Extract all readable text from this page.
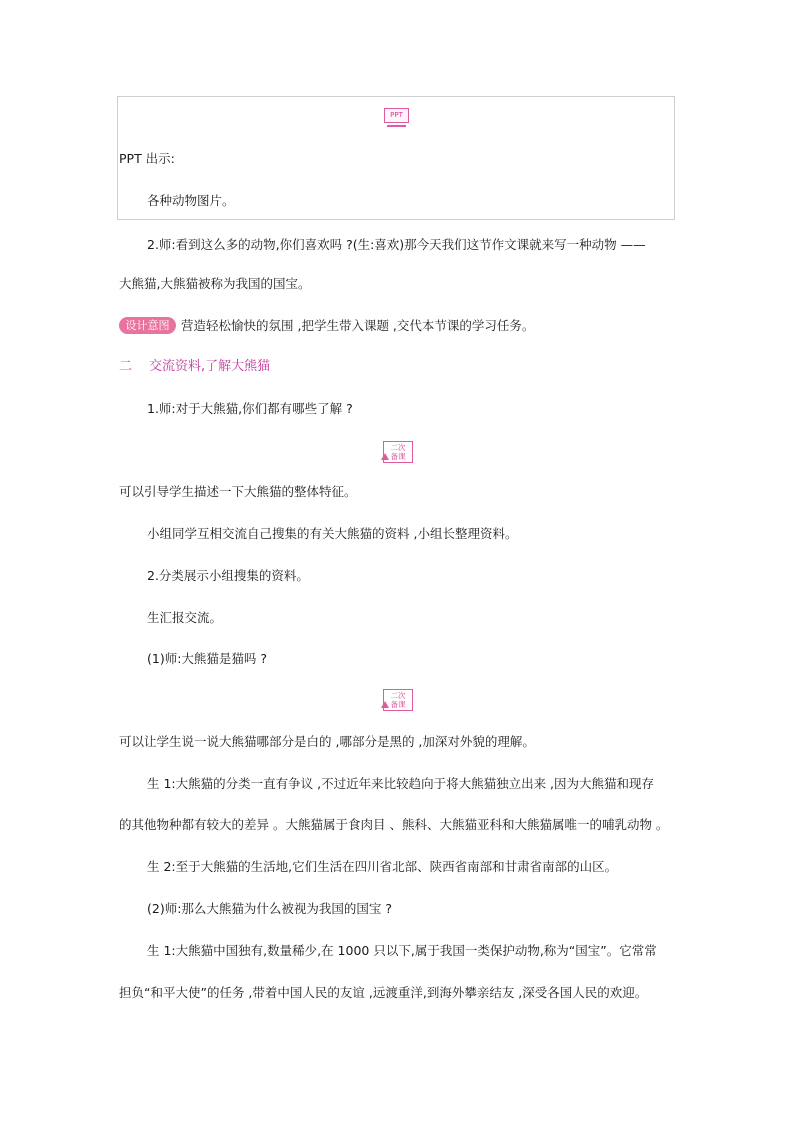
PPT
PPT 出示:
各种动物图片。
2.师:看到这么多的动物,你们喜欢吗 ?(生:喜欢)那今天我们这节作文课就来写一种动物 ——
大熊猫,大熊猫被称为我国的国宝。
设计意图 营造轻松愉快的氛围 ,把学生带入课题 ,交代本节课的学习任务。
二 交流资料,了解大熊猫
1.师:对于大熊猫,你们都有哪些了解 ?
二次
备课
可以引导学生描述一下大熊猫的整体特征。
小组同学互相交流自己搜集的有关大熊猫的资料 ,小组长整理资料。
2.分类展示小组搜集的资料。
生汇报交流。
(1)师:大熊猫是猫吗 ?
二次
备课
可以让学生说一说大熊猫哪部分是白的 ,哪部分是黑的 ,加深对外貌的理解。
生 1:大熊猫的分类一直有争议 ,不过近年来比较趋向于将大熊猫独立出来 ,因为大熊猫和现存
的其他物种都有较大的差异 。大熊猫属于食肉目 、熊科、大熊猫亚科和大熊猫属唯一的哺乳动物 。
生 2:至于大熊猫的生活地,它们生活在四川省北部、陕西省南部和甘肃省南部的山区。
(2)师:那么大熊猫为什么被视为我国的国宝 ?
生 1:大熊猫中国独有,数量稀少,在 1000 只以下,属于我国一类保护动物,称为“国宝”。它常常
担负“和平大使”的任务 ,带着中国人民的友谊 ,远渡重洋,到海外攀亲结友 ,深受各国人民的欢迎。
